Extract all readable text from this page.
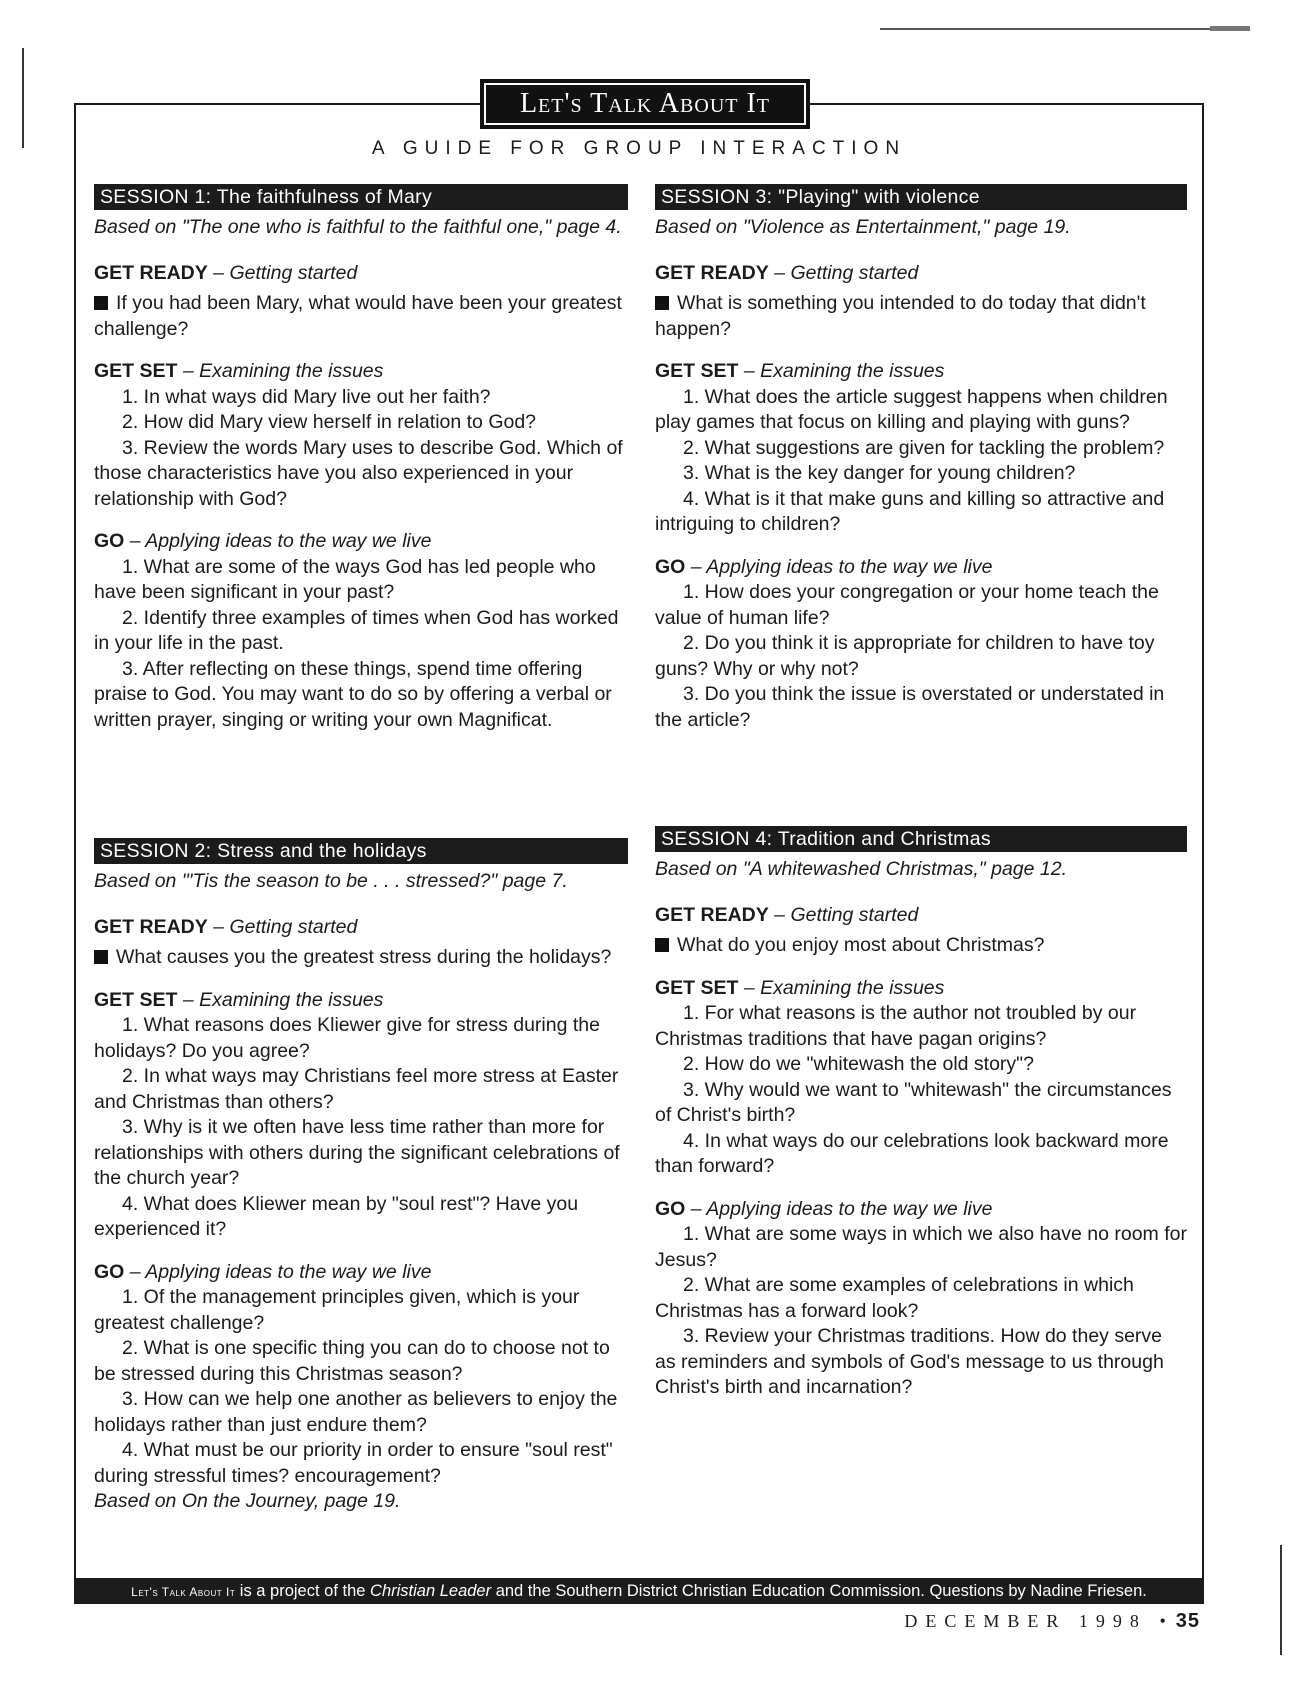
Let's Talk About It
A GUIDE FOR GROUP INTERACTION
SESSION 1: The faithfulness of Mary

Based on "The one who is faithful to the faithful one," page 4.

GET READY – Getting started

If you had been Mary, what would have been your greatest challenge?

GET SET – Examining the issues

1. In what ways did Mary live out her faith?

2. How did Mary view herself in relation to God?

3. Review the words Mary uses to describe God. Which of those characteristics have you also experienced in your relationship with God?

GO – Applying ideas to the way we live

1. What are some of the ways God has led people who have been significant in your past?

2. Identify three examples of times when God has worked in your life in the past.

3. After reflecting on these things, spend time offering praise to God. You may want to do so by offering a verbal or written prayer, singing or writing your own Magnificat.

SESSION 2: Stress and the holidays

Based on "'Tis the season to be . . . stressed?" page 7.

GET READY – Getting started

What causes you the greatest stress during the holidays?

GET SET – Examining the issues

1. What reasons does Kliewer give for stress during the holidays? Do you agree?

2. In what ways may Christians feel more stress at Easter and Christmas than others?

3. Why is it we often have less time rather than more for relationships with others during the significant celebrations of the church year?

4. What does Kliewer mean by "soul rest"? Have you experienced it?

GO – Applying ideas to the way we live

1. Of the management principles given, which is your greatest challenge?

2. What is one specific thing you can do to choose not to be stressed during this Christmas season?

3. How can we help one another as believers to enjoy the holidays rather than just endure them?

4. What must be our priority in order to ensure "soul rest" during stressful times? encouragement?

Based on On the Journey, page 19.

SESSION 3: "Playing" with violence

Based on "Violence as Entertainment," page 19.

GET READY – Getting started

What is something you intended to do today that didn't happen?

GET SET – Examining the issues

1. What does the article suggest happens when children play games that focus on killing and playing with guns?

2. What suggestions are given for tackling the problem?

3. What is the key danger for young children?

4. What is it that make guns and killing so attractive and intriguing to children?

GO – Applying ideas to the way we live

1. How does your congregation or your home teach the value of human life?

2. Do you think it is appropriate for children to have toy guns? Why or why not?

3. Do you think the issue is overstated or understated in the article?

SESSION 4: Tradition and Christmas

Based on "A whitewashed Christmas," page 12.

GET READY – Getting started

What do you enjoy most about Christmas?

GET SET – Examining the issues

1. For what reasons is the author not troubled by our Christmas traditions that have pagan origins?

2. How do we "whitewash the old story"?

3. Why would we want to "whitewash" the circumstances of Christ's birth?

4. In what ways do our celebrations look backward more than forward?

GO – Applying ideas to the way we live

1. What are some ways in which we also have no room for Jesus?

2. What are some examples of celebrations in which Christmas has a forward look?

3. Review your Christmas traditions. How do they serve as reminders and symbols of God's message to us through Christ's birth and incarnation?

Let's Talk About It is a project of the Christian Leader and the Southern District Christian Education Commission. Questions by Nadine Friesen.
DECEMBER 1998 •35
